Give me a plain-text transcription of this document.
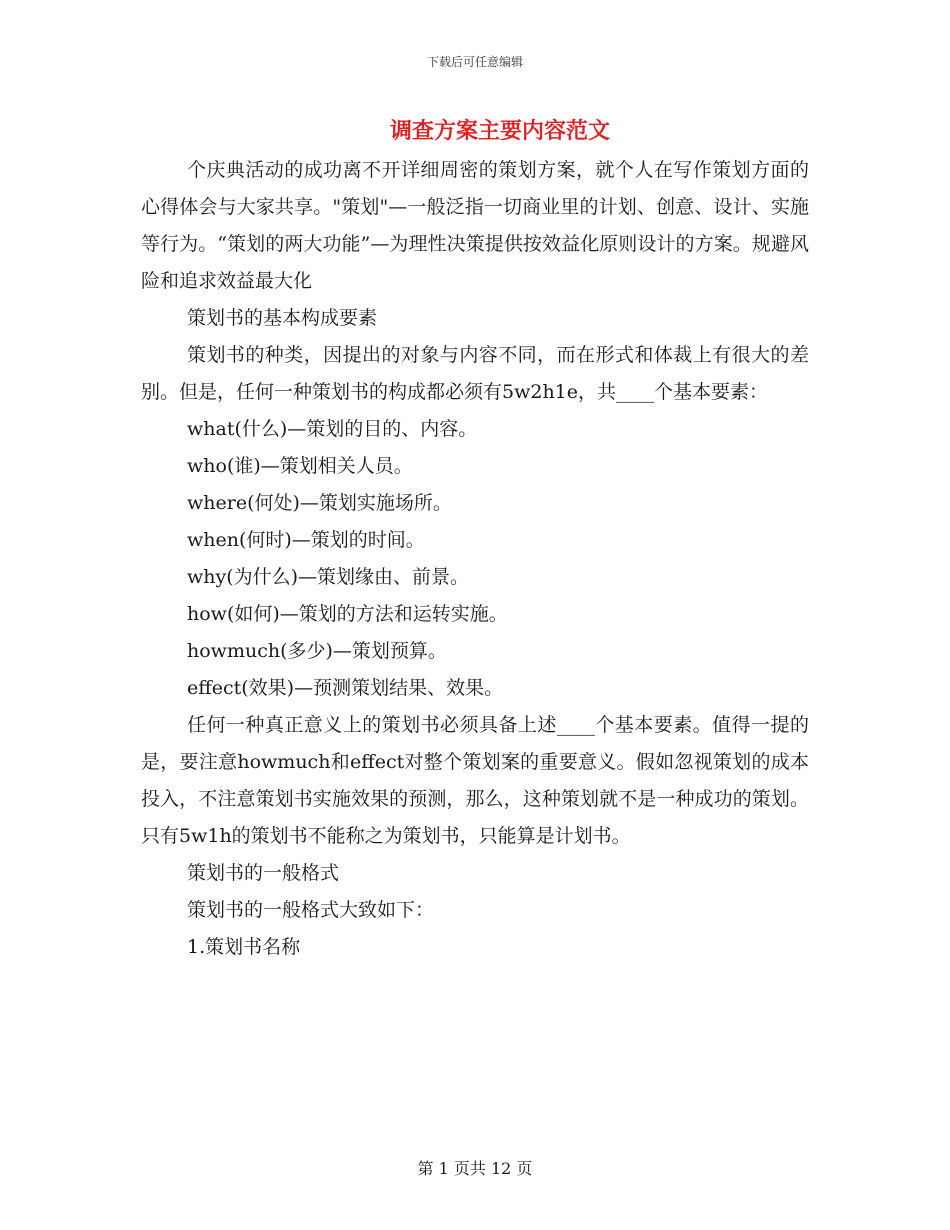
下载后可任意编辑
调查方案主要内容范文

个庆典活动的成功离不开详细周密的策划方案，就个人在写作策划方面的心得体会与大家共享。"策划"—一般泛指一切商业里的计划、创意、设计、实施等行为。“策划的两大功能”—为理性决策提供按效益化原则设计的方案。规避风险和追求效益最大化

策划书的基本构成要素

策划书的种类，因提出的对象与内容不同，而在形式和体裁上有很大的差别。但是，任何一种策划书的构成都必须有5w2h1e，共____个基本要素：

what(什么)—策划的目的、内容。

who(谁)—策划相关人员。

where(何处)—策划实施场所。

when(何时)—策划的时间。

why(为什么)—策划缘由、前景。

how(如何)—策划的方法和运转实施。

howmuch(多少)—策划预算。

effect(效果)—预测策划结果、效果。

任何一种真正意义上的策划书必须具备上述____个基本要素。值得一提的是，要注意howmuch和effect对整个策划案的重要意义。假如忽视策划的成本投入，不注意策划书实施效果的预测，那么，这种策划就不是一种成功的策划。只有5w1h的策划书不能称之为策划书，只能算是计划书。

策划书的一般格式

策划书的一般格式大致如下：

1.策划书名称

第 1 页共 12 页
